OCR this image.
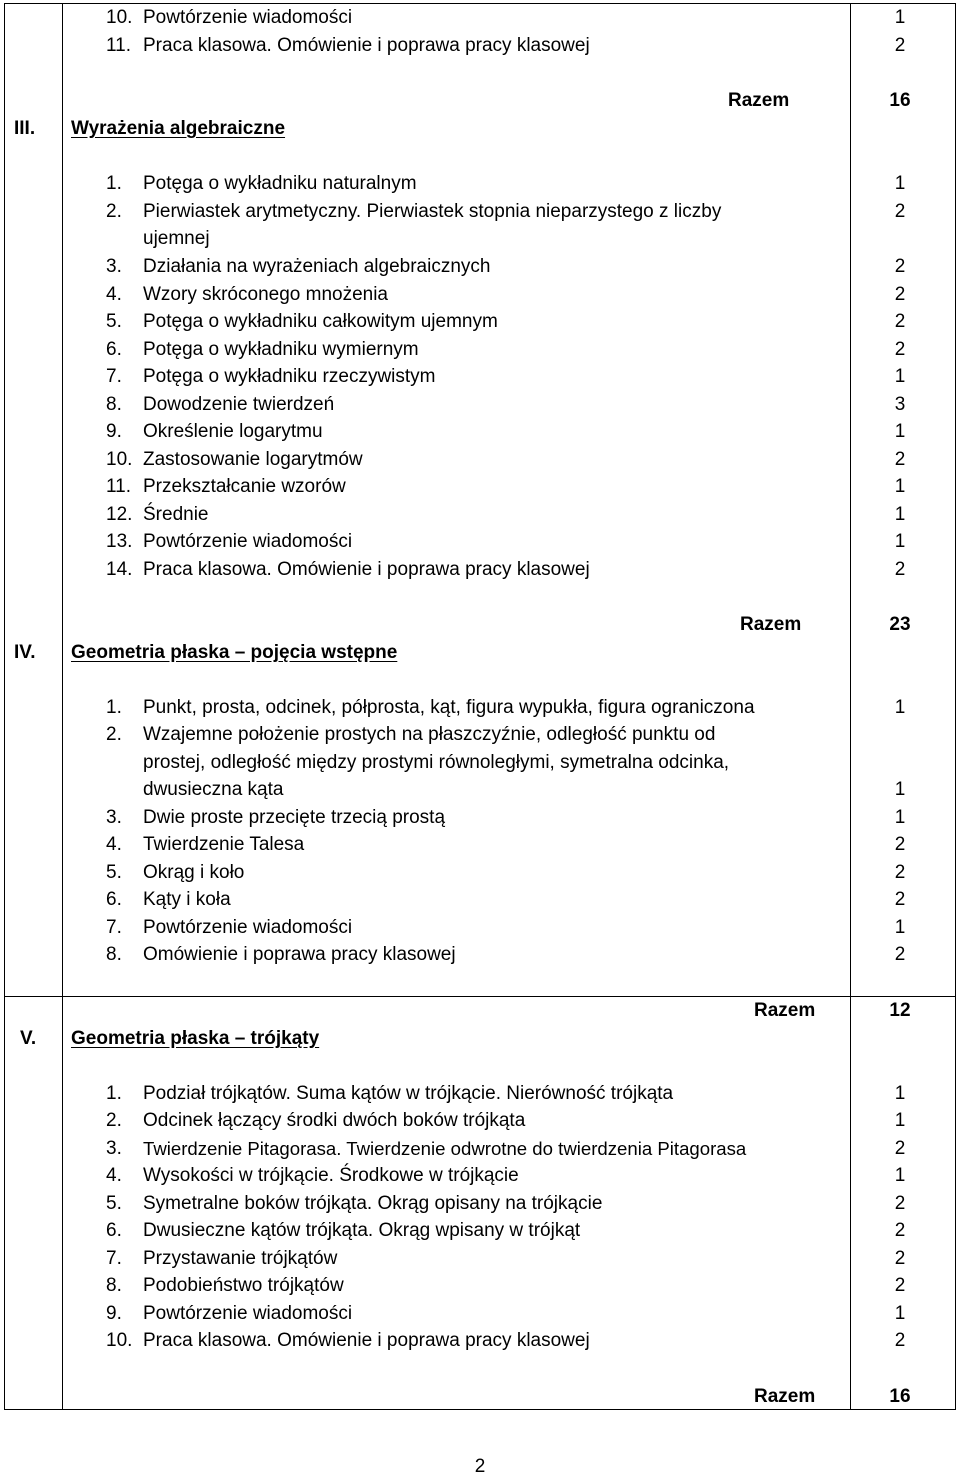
10. Powtórzenie wiadomości	1
11. Praca klasowa. Omówienie i poprawa pracy klasowej	2
Razem	16
III. Wyrażenia algebraiczne
1. Potęga o wykładniku naturalnym	1
2. Pierwiastek arytmetyczny. Pierwiastek stopnia nieparzystego z liczby
ujemnej
2
3. Działania na wyrażeniach algebraicznych	2
4. Wzory skróconego mnożenia	2
5. Potęga o wykładniku całkowitym ujemnym	2
6. Potęga o wykładniku wymiernym	2
7. Potęga o wykładniku rzeczywistym	1
8. Dowodzenie twierdzeń	3
9. Określenie logarytmu	1
10. Zastosowanie logarytmów	2
11. Przekształcanie wzorów	1
12. Średnie	1
13. Powtórzenie wiadomości	1
14. Praca klasowa. Omówienie i poprawa pracy klasowej	2
Razem	23
IV. Geometria płaska – pojęcia wstępne
1. Punkt, prosta, odcinek, półprosta, kąt, figura wypukła, figura ograniczona	1
2. Wzajemne położenie prostych na płaszczyźnie, odległość punktu od
prostej, odległość między prostymi równoległymi, symetralna odcinka,
dwusieczna kąta	1
3. Dwie proste przecięte trzecią prostą	1
4. Twierdzenie Talesa	2
5. Okrąg i koło	2
6. Kąty i koła	2
7. Powtórzenie wiadomości	1
8. Omówienie i poprawa pracy klasowej	2
Razem	12
V. Geometria płaska – trójkąty
1. Podział trójkątów. Suma kątów w trójkącie. Nierówność trójkąta	1
2. Odcinek łączący środki dwóch boków trójkąta	1
3. Twierdzenie Pitagorasa. Twierdzenie odwrotne do twierdzenia Pitagorasa	2
4. Wysokości w trójkącie. Środkowe w trójkącie	1
5. Symetralne boków trójkąta. Okrąg opisany na trójkącie	2
6. Dwusieczne kątów trójkąta. Okrąg wpisany w trójkąt	2
7. Przystawanie trójkątów	2
8. Podobieństwo trójkątów	2
9. Powtórzenie wiadomości	1
10. Praca klasowa. Omówienie i poprawa pracy klasowej	2
Razem	16
2
